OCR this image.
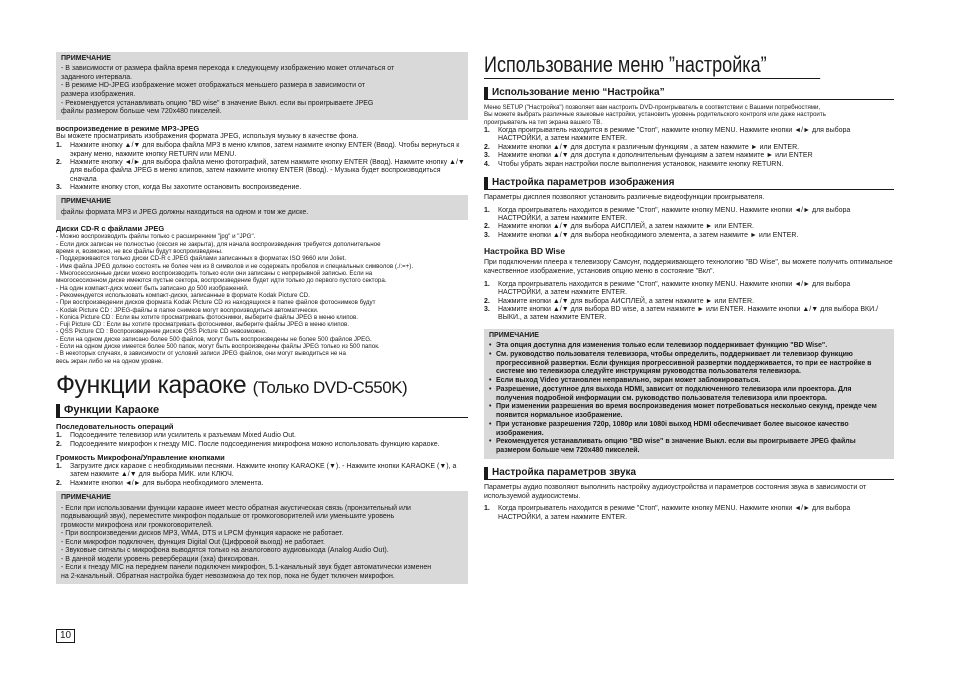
ПРИМЕЧАНИЕ
- В зависимости от размера файла время перехода к следующему изображению может отличаться от
заданного интервала.
- В режиме HD-JPEG изображение может отображаться меньшего размера в зависимости от
размера изображения.
- Рекомендуется устанавливать опцию "BD wise" в значение Выкл. если вы проигрываете JPEG
файлы размером больше чем 720x480 пикселей.
воспроизведение в режиме MP3-JPEG
Вы можете просматривать изображения формата JPEG, используя музыку в качестве фона.
1. Нажмите кнопку ▲/▼ для выбора файла MP3 в меню клипов, затем нажмите кнопку ENTER (Ввод). Чтобы вернуться к экрану меню, нажмите кнопку RETURN или MENU.
2. Нажмите кнопку ◄/► для выбора файла меню фотографий, затем нажмите кнопку ENTER (Ввод). Нажмите кнопку ▲/▼ для выбора файла JPEG в меню клипов, затем нажмите кнопку ENTER (Ввод). - Музыка будет воспроизводиться сначала
3. Нажмите кнопку стоп, когда Вы захотите остановить воспроизведение.
ПРИМЕЧАНИЕ
файлы формата MP3 и JPEG должны находиться на одном и том же диске.
Диски CD-R с файлами JPEG
- Можно воспроизводить файлы только с расширением "jpg" и "JPG".
- Если диск записан не полностью (сессия не закрыта), для начала воспроизведения требуется дополнительное
время и, возможно, не все файлы будут воспроизведены.
- Поддерживаются только диски CD-R с JPEG файлами записанных в форматах ISO 9660 или Joliet.
- Имя файла JPEG должно состоять не более чем из 8 символов и не содержать пробелов и специальных символов (./:=+).
- Многосессионные диски можно воспроизводить только если они записаны с непрерывной записью. Если на
многосессионном диске имеются пустые сектора, воспроизведение будет идти только до первого пустого сектора.
- На один компакт-диск может быть записано до 500 изображений.
- Рекомендуется использовать компакт-диски, записанные в формате Kodak Picture CD.
- При воспроизведении дисков формата Kodak Picture CD из находящихся в папке файлов фотоснимков будут
- Kodak Picture CD : JPEG-файлы в папке снимков могут воспроизводиться автоматически.
- Konica Picture CD : Если вы хотите просматривать фотоснимки, выберите файлы JPEG в меню клипов.
- Fuji Picture CD : Если вы хотите просматривать фотоснимки, выберите файлы JPEG в меню клипов.
- QSS Picture CD : Воспроизведение дисков QSS Picture CD невозможно.
- Если на одном диске записано более 500 файлов, могут быть воспроизведены не более 500 файлов JPEG.
- Если на одном диске имеется более 500 папок, могут быть воспроизведены файлы JPEG только из 500 папок.
- В некоторых случаях, в зависимости от условий записи JPEG файлов, они могут выводиться не на
весь экран либо не на одном уровне.
Функции караоке (Только DVD-C550K)
Функции Караоке
Последовательность операций
1. Подсоедините телевизор или усилитель к разъемам Mixed Audio Out.
2. Подсоедините микрофон к гнезду MIC. После подсоединения микрофона можно использовать функцию караоке.
Громкость Микрофона/Управление кнопками
1. Загрузите диск караоке с необходимыми песнями. Нажмите кнопку KARAOKE (▼). - Нажмите кнопки KARAOKE (▼), а затем нажмите ▲/▼ для выбора МИК. или КЛЮЧ.
2. Нажмите кнопки ◄/► для выбора необходимого элемента.
ПРИМЕЧАНИЕ
- Если при использовании функции караоке имеет место обратная акустическая связь (пронзительный или
подвывающий звук), переместите микрофон подальше от громкоговорителей или уменьшите уровень
громкости микрофона или громкоговорителей.
- При воспроизведении дисков MP3, WMA, DTS и LPCM функция караоке не работает.
- Если микрофон подключен, функция Digital Out (Цифровой выход) не работает.
- Звуковые сигналы с микрофона выводятся только на аналогового аудиовыхода (Analog Audio Out).
- В данной модели уровень реверберации (эха) фиксирован.
- Если к гнезду MIC на переднем панели подключен микрофон, 5.1-канальный звук будет автоматически изменен
на 2-канальный. Обратная настройка будет невозможна до тех пор, пока не будет тключен микрофон.
10
Использование меню ”настройка”
Использование меню “Настройка”
Меню SETUP ("Настройка") позволяет вам настроить DVD-проигрыватель в соответствии с Вашими потребностями,
Вы можете выбрать различные языковые настройки, установить уровень родительского контроля или даже настроить
проигрыватель на тип экрана вашего ТВ.
1. Когда проигрыватель находится в режиме "Стоп", нажмите кнопку MENU. Нажмите кнопки ◄/► для выбора НАСТРОЙКИ, а затем нажмите ENTER.
2. Нажмите кнопки ▲/▼ для доступа к различным функциям , а затем нажмите ► или ENTER.
3. Нажмите кнопки ▲/▼ для доступа к дополнительным функциям а затем нажмите ► или ENTER
4. Чтобы убрать экран настройки после выполнения установок, нажмите кнопку RETURN.
Настройка параметров изображения
Параметры дисплея позволяют установить различные видеофункции проигрывателя.
1. Когда проигрыватель находится в режиме "Стоп", нажмите кнопку MENU. Нажмите кнопки ◄/► для выбора НАСТРОЙКИ, а затем нажмите ENTER.
2. Нажмите кнопки ▲/▼ для выбора АИСПЛЕЙ, а затем нажмите ► или ENTER.
3. Нажмите кнопки ▲/▼ для выбора необходимого элемента, а затем нажмите ► или ENTER.
Настройка BD Wise
При подключении плеера к телевизору Самсунг, поддерживающего технологию "BD Wise", вы можете получить оптимальное качественное изображение, установив опцию меню в состояние "Вкл".
1. Когда проигрыватель находится в режиме "Стоп", нажмите кнопку MENU. Нажмите кнопки ◄/► для выбора НАСТРОЙКИ, а затем нажмите ENTER.
2. Нажмите кнопки ▲/▼ для выбора АИСПЛЕЙ, а затем нажмите ► или ENTER.
3. Нажмите кнопки ▲/▼ для выбора BD wise, а затем нажмите ► или ENTER. Нажмите кнопки ▲/▼ для выбора ВКИ./ВЫКИ., а затем нажмите ENTER.
ПРИМЕЧАНИЕ
• Эта опция доступна для изменения только если телевизор поддерживает функцию "BD Wise".
• См. руководство пользователя телевизора, чтобы определить, поддерживает ли телевизор функцию прогрессивной развертки. Если функция прогрессивной развертки поддерживается, то при ее настройке в системе мю телевизора следуйте инструкциям руководства пользователя телевизора.
• Если выход Video установлен неправильно, экран может заблокироваться.
• Разрешение, доступное для выхода HDMI, зависит от подключенного телевизора или проектора. Для получения подробной информации см. руководство пользователя телевизора или проектора.
• При изменении разрешения во время воспроизведения может потребоваться несколько секунд, прежде чем появится нормальное изображение.
• При установке разрешения 720p, 1080p или 1080i выход HDMI обеспечивает более высокое качество изображения.
• Рекомендуется устанавливать опцию "BD wise" в значение Выкл. если вы проигрываете JPEG файлы размером больше чем 720x480 пикселей.
Настройка параметров звука
Параметры аудио позволяют выполнить настройку аудиоустройства и параметров состояния звука в зависимости от используемой аудиосистемы.
1. Когда проигрыватель находится в режиме "Стоп", нажмите кнопку MENU. Нажмите кнопки ◄/► для выбора НАСТРОЙКИ, а затем нажмите ENTER.
